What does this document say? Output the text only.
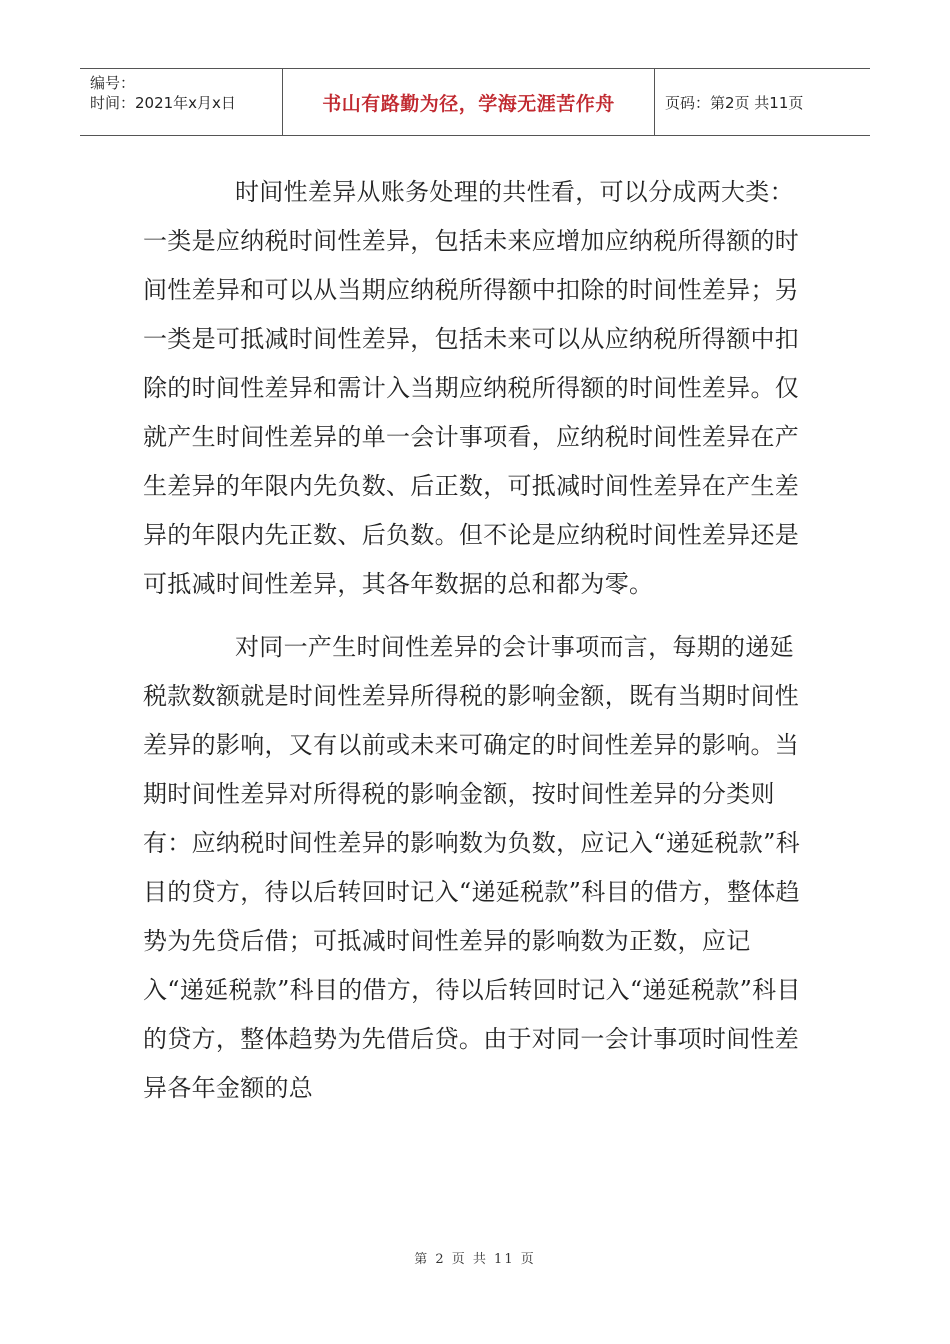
编号：
时间：2021年x月x日	书山有路勤为径，学海无涯苦作舟	页码：第2页 共11页

时间性差异从账务处理的共性看，可以分成两大类：一类是应纳税时间性差异，包括未来应增加应纳税所得额的时间性差异和可以从当期应纳税所得额中扣除的时间性差异；另一类是可抵减时间性差异，包括未来可以从应纳税所得额中扣除的时间性差异和需计入当期应纳税所得额的时间性差异。仅就产生时间性差异的单一会计事项看，应纳税时间性差异在产生差异的年限内先负数、后正数，可抵减时间性差异在产生差异的年限内先正数、后负数。但不论是应纳税时间性差异还是可抵减时间性差异，其各年数据的总和都为零。

对同一产生时间性差异的会计事项而言，每期的递延税款数额就是时间性差异所得税的影响金额，既有当期时间性差异的影响，又有以前或未来可确定的时间性差异的影响。当期时间性差异对所得税的影响金额，按时间性差异的分类则有：应纳税时间性差异的影响数为负数，应记入“递延税款”科目的贷方，待以后转回时记入“递延税款”科目的借方，整体趋势为先贷后借；可抵减时间性差异的影响数为正数，应记入“递延税款”科目的借方，待以后转回时记入“递延税款”科目的贷方，整体趋势为先借后贷。由于对同一会计事项时间性差异各年金额的总

第 2 页 共 11 页
